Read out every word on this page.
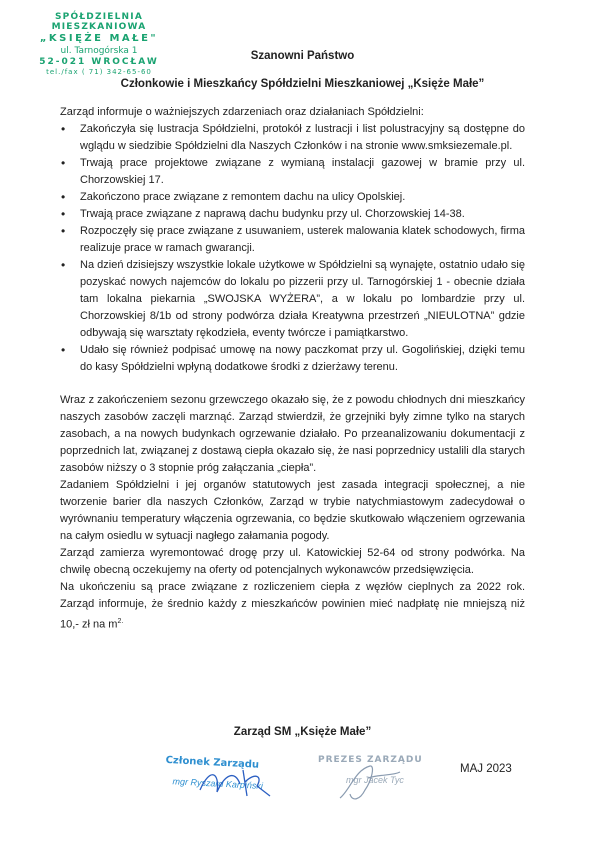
SPÓŁDZIELNIA MIESZKANIOWA
„KSIĘŻE MAŁE"
ul. Tarnogórska 1
52-021 WROCŁAW
tel./fax ( 71) 342-65-60
Szanowni Państwo
Członkowie i Mieszkańcy Spółdzielni Mieszkaniowej „Księże Małe”

Zarząd informuje o ważniejszych zdarzeniach oraz działaniach Spółdzielni:

• Zakończyła się lustracja Spółdzielni, protokół z lustracji i list polustracyjny są dostępne do wglądu w siedzibie Spółdzielni dla Naszych Członków i na stronie www.smksiezemale.pl.
• Trwają prace projektowe związane z wymianą instalacji gazowej w bramie przy ul. Chorzowskiej 17.
• Zakończono prace związane z remontem dachu na ulicy Opolskiej.
• Trwają prace związane z naprawą dachu budynku przy ul. Chorzowskiej 14-38.
• Rozpoczęły się prace związane z usuwaniem, usterek malowania klatek schodowych, firma realizuje prace w ramach gwarancji.
• Na dzień dzisiejszy wszystkie lokale użytkowe w Spółdzielni są wynajęte, ostatnio udało się pozyskać nowych najemców do lokalu po pizzerii przy ul. Tarnogórskiej 1 - obecnie działa tam lokalna piekarnia „SWOJSKA WYŻERA”, a w lokalu po lombardzie przy ul. Chorzowskiej 8/1b od strony podwórza działa Kreatywna przestrzeń „NIEULOTNA” gdzie odbywają się warsztaty rękodzieła, eventy twórcze i pamiątkarstwo.
• Udało się również podpisać umowę na nowy paczkomat przy ul. Gogolińskiej, dzięki temu do kasy Spółdzielni wpłyną dodatkowe środki z dzierżawy terenu.

Wraz z zakończeniem sezonu grzewczego okazało się, że z powodu chłodnych dni mieszkańcy naszych zasobów zaczęli marznąć. Zarząd stwierdził, że grzejniki były zimne tylko na starych zasobach, a na nowych budynkach ogrzewanie działało. Po przeanalizowaniu dokumentacji z poprzednich lat, związanej z dostawą ciepła okazało się, że nasi poprzednicy ustalili dla starych zasobów niższy o 3 stopnie próg załączania „ciepła”.

Zadaniem Spółdzielni i jej organów statutowych jest zasada integracji społecznej, a nie tworzenie barier dla naszych Członków, Zarząd w trybie natychmiastowym zadecydował o wyrównaniu temperatury włączenia ogrzewania, co będzie skutkowało włączeniem ogrzewania na całym osiedlu w sytuacji nagłego załamania pogody.

Zarząd zamierza wyremontować drogę przy ul. Katowickiej 52-64 od strony podwórka. Na chwilę obecną oczekujemy na oferty od potencjalnych wykonawców przedsięwzięcia.

Na ukończeniu są prace związane z rozliczeniem ciepła z węzłów cieplnych za 2022 rok. Zarząd informuje, że średnio każdy z mieszkańców powinien mieć nadpłatę nie mniejszą niż 10,- zł na $m^{2.}$

Zarząd SM „Księże Małe”
Członek Zarządu
mgr Ryszard Karpiński
PREZES ZARZĄDU
mgr Jacek Tyc
MAJ 2023
